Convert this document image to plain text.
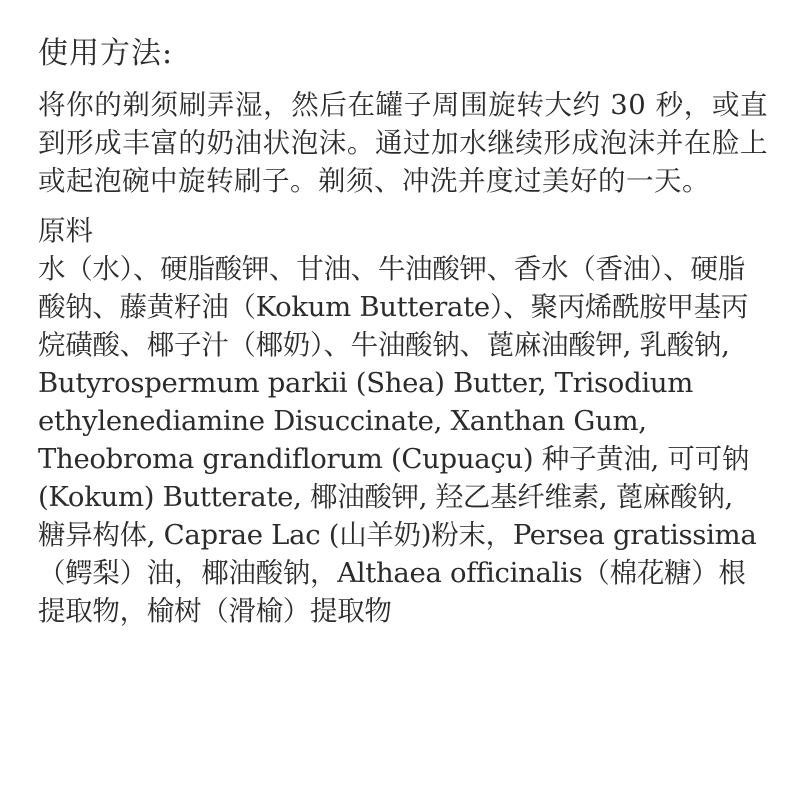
使用方法:

将你的剃须刷弄湿，然后在罐子周围旋转大约 30 秒，或直到形成丰富的奶油状泡沫。通过加水继续形成泡沫并在脸上或起泡碗中旋转刷子。剃须、冲洗并度过美好的一天。

原料

水（水）、硬脂酸钾、甘油、牛油酸钾、香水（香油）、硬脂酸钠、藤黄籽油（Kokum Butterate）、聚丙烯酰胺甲基丙烷磺酸、椰子汁（椰奶）、牛油酸钠、蓖麻油酸钾, 乳酸钠, Butyrospermum parkii (Shea) Butter, Trisodium ethylenediamine Disuccinate, Xanthan Gum, Theobroma grandiflorum (Cupuaçu) 种子黄油, 可可钠 (Kokum) Butterate, 椰油酸钾, 羟乙基纤维素, 蓖麻酸钠, 糖异构体, Caprae Lac (山羊奶)粉末，Persea gratissima（鳄梨）油，椰油酸钠，Althaea officinalis（棉花糖）根提取物，榆树（滑榆）提取物
